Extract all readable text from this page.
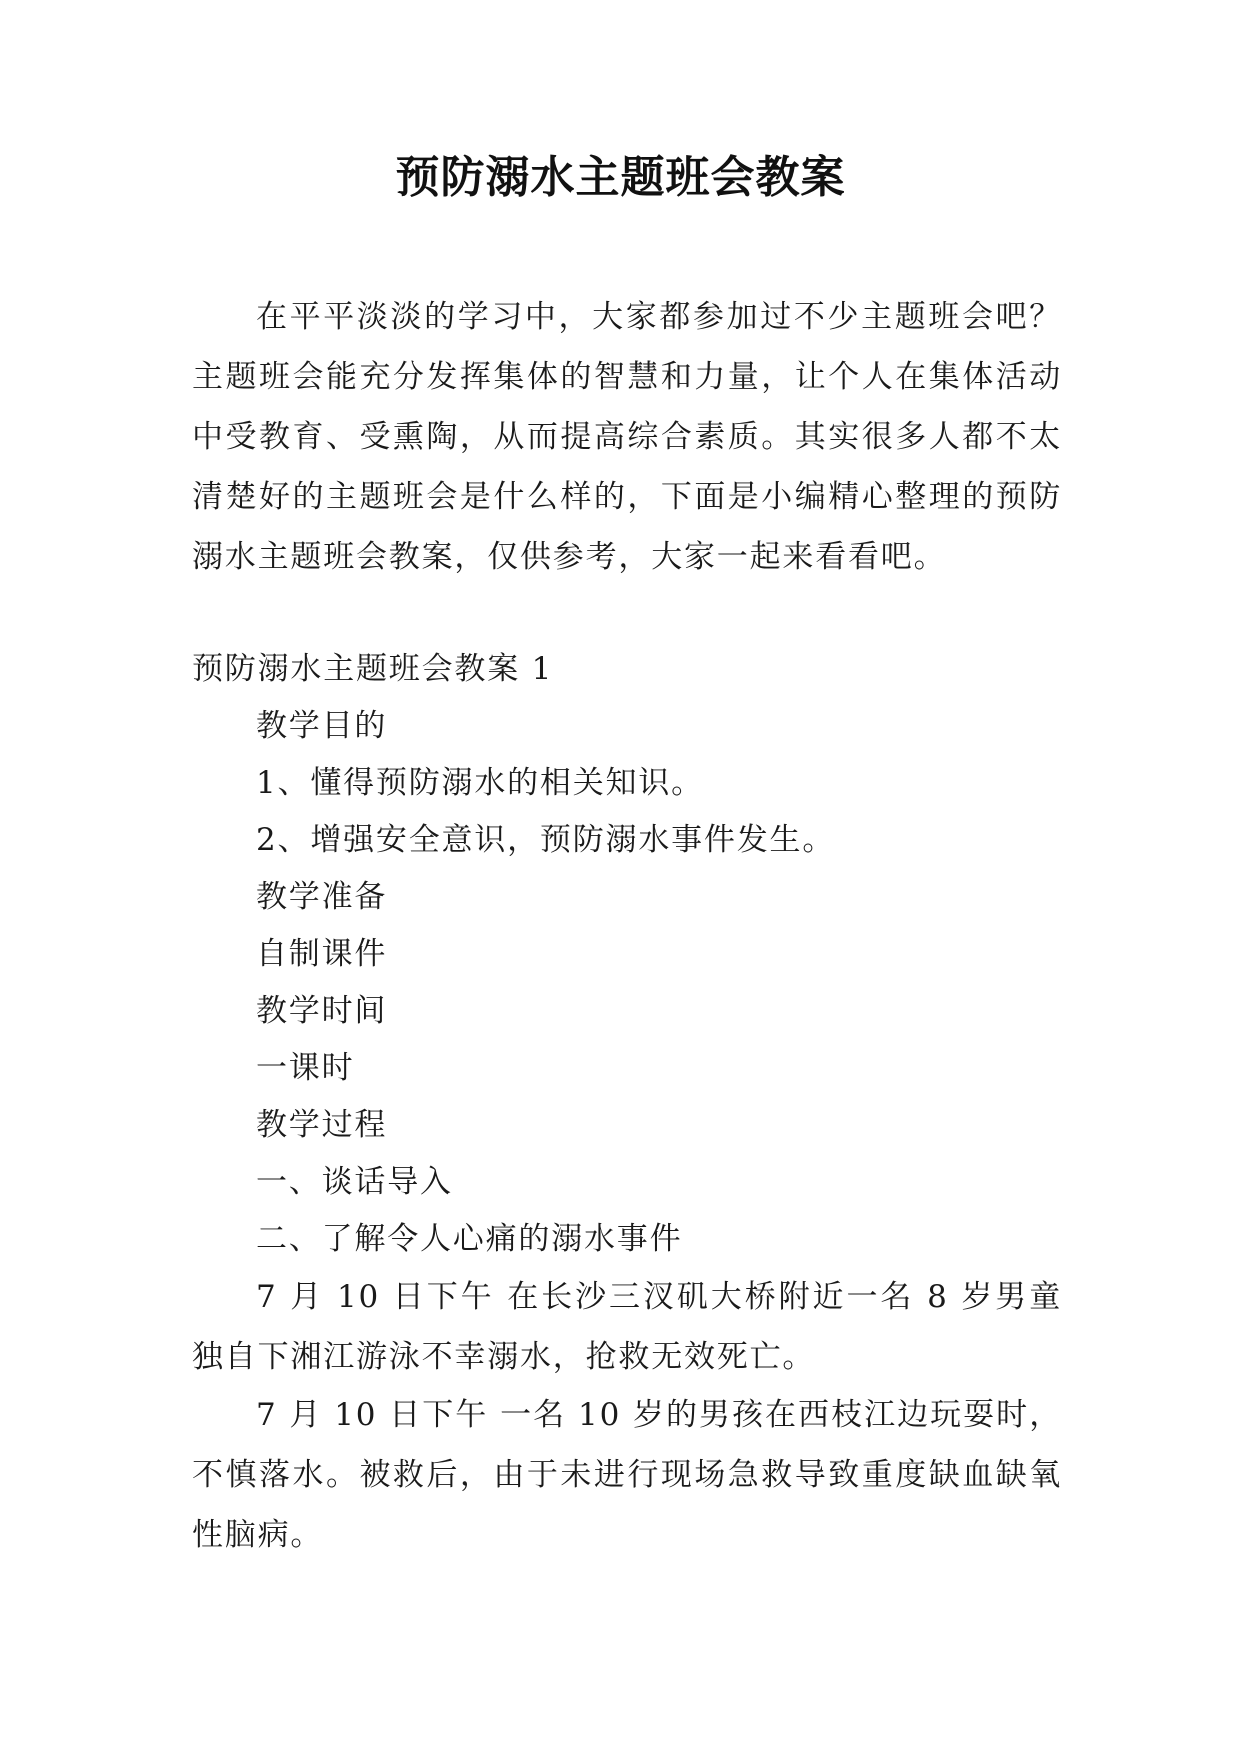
预防溺水主题班会教案

在平平淡淡的学习中，大家都参加过不少主题班会吧？主题班会能充分发挥集体的智慧和力量，让个人在集体活动中受教育、受熏陶，从而提高综合素质。其实很多人都不太清楚好的主题班会是什么样的，下面是小编精心整理的预防溺水主题班会教案，仅供参考，大家一起来看看吧。

预防溺水主题班会教案 1

教学目的

1、懂得预防溺水的相关知识。

2、增强安全意识，预防溺水事件发生。

教学准备

自制课件

教学时间

一课时

教学过程

一、谈话导入

二、了解令人心痛的溺水事件

7 月 10 日下午 在长沙三汊矶大桥附近一名 8 岁男童独自下湘江游泳不幸溺水，抢救无效死亡。

7 月 10 日下午 一名 10 岁的男孩在西枝江边玩耍时，不慎落水。被救后，由于未进行现场急救导致重度缺血缺氧性脑病。
